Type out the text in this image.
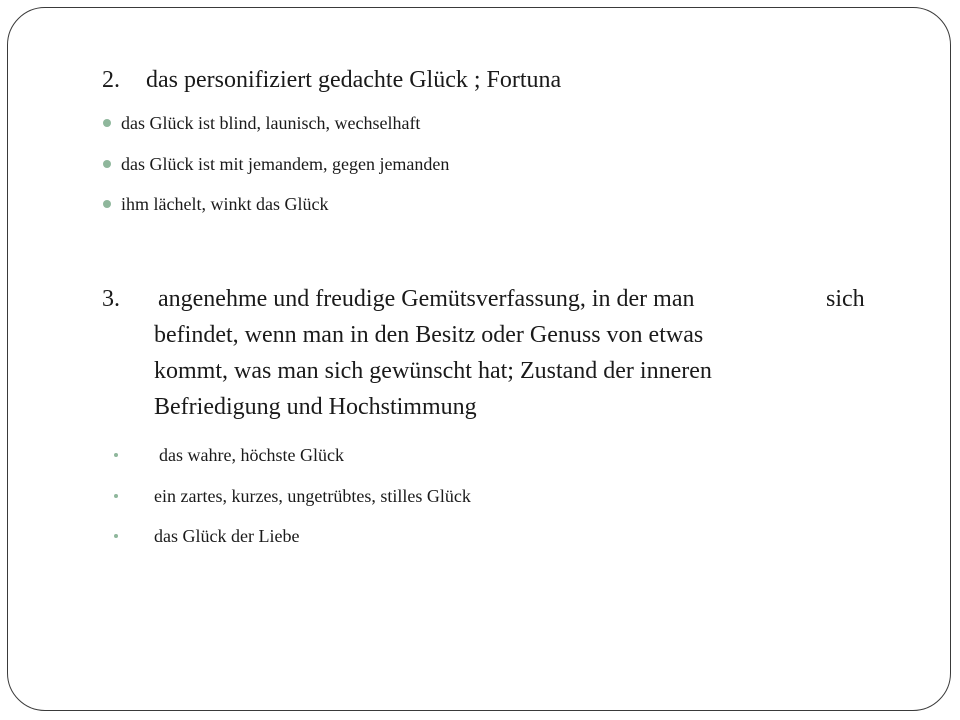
2. das personifiziert gedachte Glück ; Fortuna
das Glück ist blind, launisch, wechselhaft
das Glück ist mit jemandem, gegen jemanden
ihm lächelt, winkt das Glück
3. angenehme und freudige Gemütsverfassung, in der man	sich
befindet, wenn man in den Besitz oder Genuss von etwas
kommt, was man sich gewünscht hat; Zustand der inneren
Befriedigung und Hochstimmung
das wahre, höchste Glück
ein zartes, kurzes, ungetrübtes, stilles Glück
das Glück der Liebe
